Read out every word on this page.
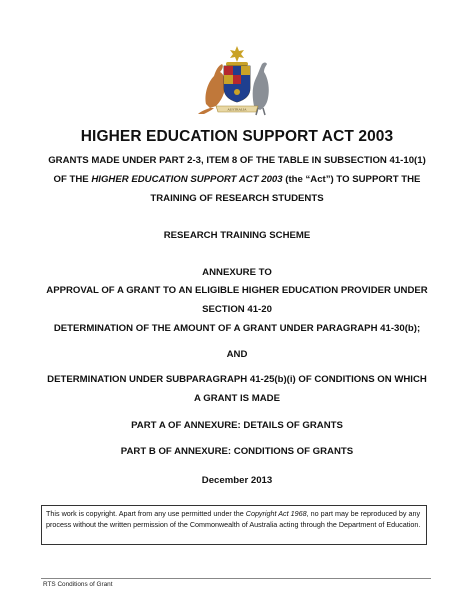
AUSTRALIA
HIGHER EDUCATION SUPPORT ACT 2003
GRANTS MADE UNDER PART 2-3, ITEM 8 OF THE TABLE IN SUBSECTION 41-10(1)
OF THE HIGHER EDUCATION SUPPORT ACT 2003 (the “Act”) TO SUPPORT THE
TRAINING OF RESEARCH STUDENTS
RESEARCH TRAINING SCHEME
ANNEXURE TO
APPROVAL OF A GRANT TO AN ELIGIBLE HIGHER EDUCATION PROVIDER UNDER
SECTION 41-20
DETERMINATION OF THE AMOUNT OF A GRANT UNDER PARAGRAPH 41-30(b);
AND
DETERMINATION UNDER SUBPARAGRAPH 41-25(b)(i) OF CONDITIONS ON WHICH
A GRANT IS MADE
PART A OF ANNEXURE: DETAILS OF GRANTS
PART B OF ANNEXURE: CONDITIONS OF GRANTS
December 2013
This work is copyright. Apart from any use permitted under the Copyright Act 1968, no part may be reproduced by any process without the written permission of the Commonwealth of Australia acting through the Department of Education.
RTS Conditions of Grant
